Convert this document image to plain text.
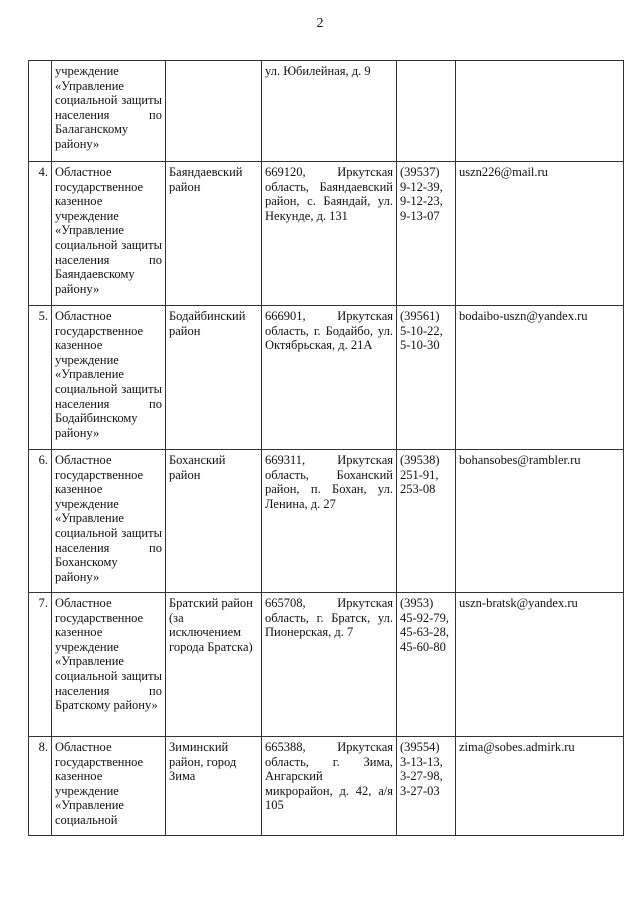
2
	учреждение «Управление социальной защиты населения по Балаганскому району»		ул. Юбилейная, д. 9	

4.	Областное государственное казенное учреждение «Управление социальной защиты населения по Баяндаевскому району»	Баяндаевский район	669120, Иркутская область, Баяндаевский район, с. Баяндай, ул. Некунде, д. 131	(39537)
9-12-39,
9-12-23,
9-13-07	uszn226@mail.ru
5.	Областное государственное казенное учреждение «Управление социальной защиты населения по Бодайбинскому району»	Бодайбинский район	666901, Иркутская область, г. Бодайбо, ул. Октябрьская, д. 21А	(39561)
5-10-22,
5-10-30	bodaibo-uszn@yandex.ru
6.	Областное государственное казенное учреждение «Управление социальной защиты населения по Боханскому району»	Боханский район	669311, Иркутская область, Боханский район, п. Бохан, ул. Ленина, д. 27	(39538)
251-91,
253-08	bohansobes@rambler.ru
7.	Областное государственное казенное учреждение «Управление социальной защиты населения по Братскому району»	Братский район (за исключением города Братска)	665708, Иркутская область, г. Братск, ул. Пионерская, д. 7	(3953)
45-92-79,
45-63-28,
45-60-80	uszn-bratsk@yandex.ru
8.	Областное государственное казенное учреждение «Управление социальной	Зиминский район, город Зима	665388, Иркутская область, г. Зима, Ангарский микрорайон, д. 42, а/я 105	(39554)
3-13-13,
3-27-98,
3-27-03	zima@sobes.admirk.ru
